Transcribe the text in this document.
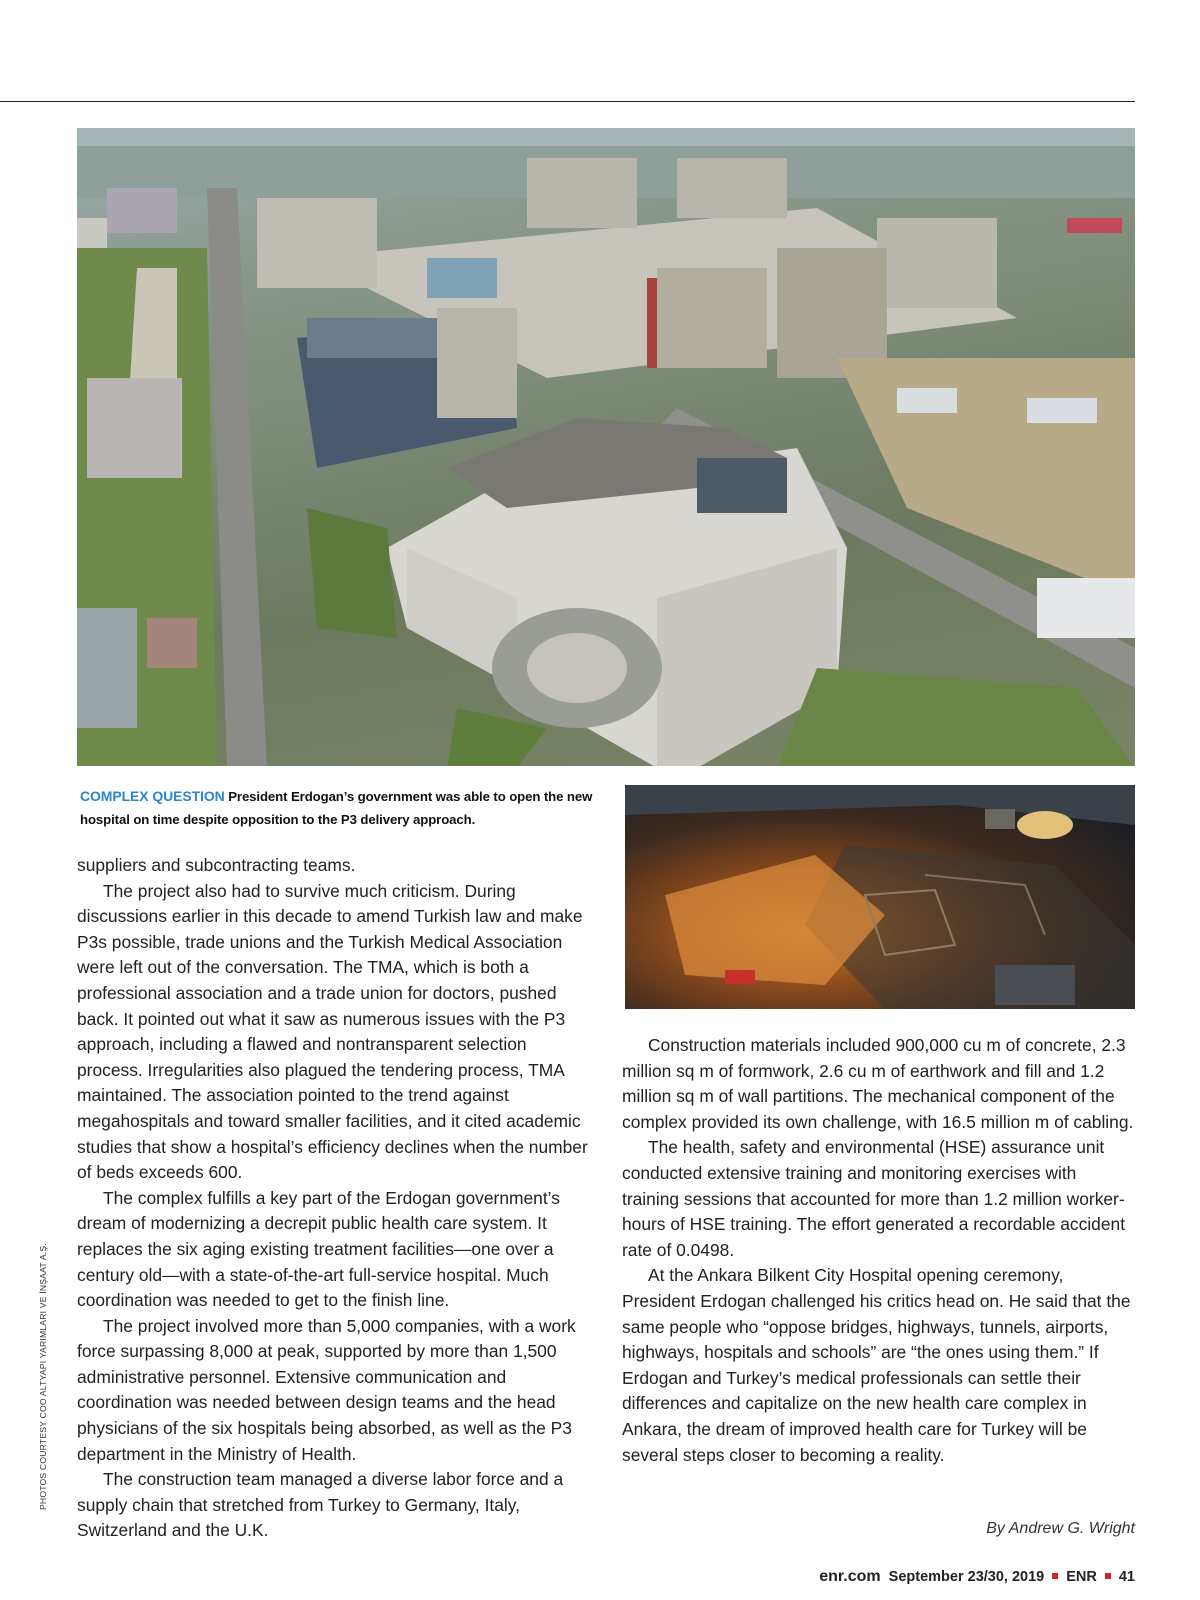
COMPLEX QUESTION President Erdogan’s government was able to open the new hospital on time despite opposition to the P3 delivery approach.
PHOTOS COURTESY COO ALTYAPI YARIMLARI VE İNŞAAT A.Ş.

suppliers and subcontracting teams.

The project also had to survive much criticism. During discussions earlier in this decade to amend Turkish law and make P3s possible, trade unions and the Turkish Medical Association were left out of the conversation. The TMA, which is both a professional association and a trade union for doctors, pushed back. It pointed out what it saw as numerous issues with the P3 approach, including a flawed and nontransparent selection process. Irregularities also plagued the tendering process, TMA maintained. The association pointed to the trend against megahospitals and toward smaller facilities, and it cited academic studies that show a hospital’s efficiency declines when the number of beds exceeds 600.

The complex fulfills a key part of the Erdogan government’s dream of modernizing a decrepit public health care system. It replaces the six aging existing treatment facilities—one over a century old—with a state-of-the-art full-service hospital. Much coordination was needed to get to the finish line.

The project involved more than 5,000 companies, with a work force surpassing 8,000 at peak, supported by more than 1,500 administrative personnel. Extensive communication and coordination was needed between design teams and the head physicians of the six hospitals being absorbed, as well as the P3 department in the Ministry of Health.

The construction team managed a diverse labor force and a supply chain that stretched from Turkey to Germany, Italy, Switzerland and the U.K.

Construction materials included 900,000 cu m of concrete, 2.3 million sq m of formwork, 2.6 cu m of earthwork and fill and 1.2 million sq m of wall partitions. The mechanical component of the complex provided its own challenge, with 16.5 million m of cabling.

The health, safety and environmental (HSE) assurance unit conducted extensive training and monitoring exercises with training sessions that accounted for more than 1.2 million worker-hours of HSE training. The effort generated a recordable accident rate of 0.0498.

At the Ankara Bilkent City Hospital opening ceremony, President Erdogan challenged his critics head on. He said that the same people who “oppose bridges, highways, tunnels, airports, highways, hospitals and schools” are “the ones using them.” If Erdogan and Turkey’s medical professionals can settle their differences and capitalize on the new health care complex in Ankara, the dream of improved health care for Turkey will be several steps closer to becoming a reality.

By Andrew G. Wright
enr.com September 23/30, 2019 ENR 41
